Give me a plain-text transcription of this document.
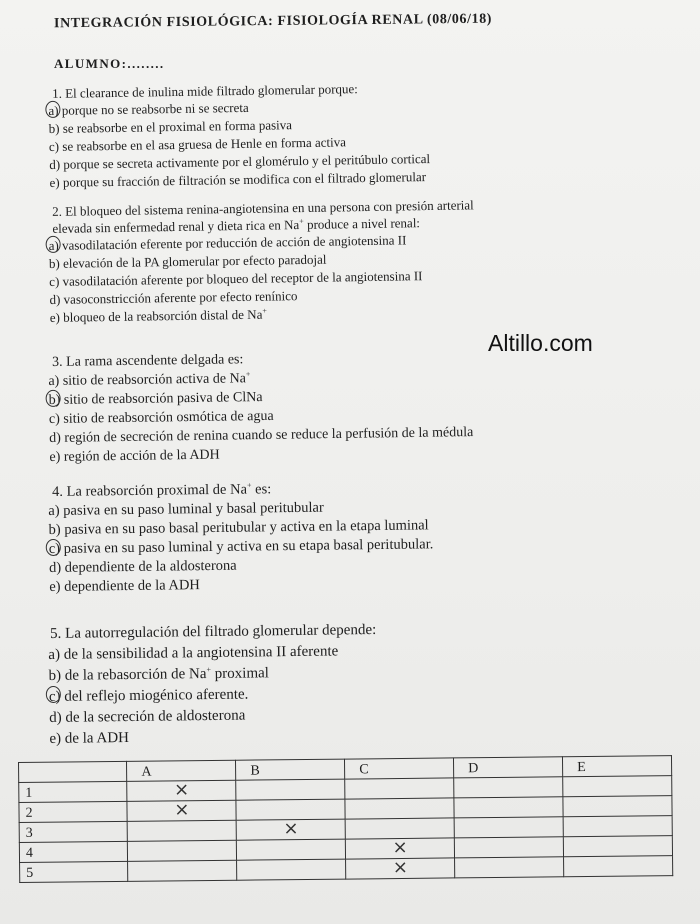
INTEGRACIÓN FISIOLÓGICA: FISIOLOGÍA RENAL (08/06/18)
ALUMNO:........
1. El clearance de inulina mide filtrado glomerular porque:
a) porque no se reabsorbe ni se secreta
b) se reabsorbe en el proximal en forma pasiva
c) se reabsorbe en el asa gruesa de Henle en forma activa
d) porque se secreta activamente por el glomérulo y el peritúbulo cortical
e) porque su fracción de filtración se modifica con el filtrado glomerular
2. El bloqueo del sistema renina-angiotensina en una persona con presión arterial
elevada sin enfermedad renal y dieta rica en Na+ produce a nivel renal:
a) vasodilatación eferente por reducción de acción de angiotensina II
b) elevación de la PA glomerular por efecto paradojal
c) vasodilatación aferente por bloqueo del receptor de la angiotensina II
d) vasoconstricción aferente por efecto renínico
e) bloqueo de la reabsorción distal de Na+
Altillo.com
3. La rama ascendente delgada es:
a) sitio de reabsorción activa de Na+
b) sitio de reabsorción pasiva de ClNa
c) sitio de reabsorción osmótica de agua
d) región de secreción de renina cuando se reduce la perfusión de la médula
e) región de acción de la ADH
4. La reabsorción proximal de Na+ es:
a) pasiva en su paso luminal y basal peritubular
b) pasiva en su paso basal peritubular y activa en la etapa luminal
c) pasiva en su paso luminal y activa en su etapa basal peritubular.
d) dependiente de la aldosterona
e) dependiente de la ADH
5. La autorregulación del filtrado glomerular depende:
a) de la sensibilidad a la angiotensina II aferente
b) de la rebasorción de Na+ proximal
c) del reflejo miogénico aferente.
d) de la secreción de aldosterona
e) de la ADH
	A	B	C	D	E
1	×				
2	×				
3		×			
4			×		
5			×		
